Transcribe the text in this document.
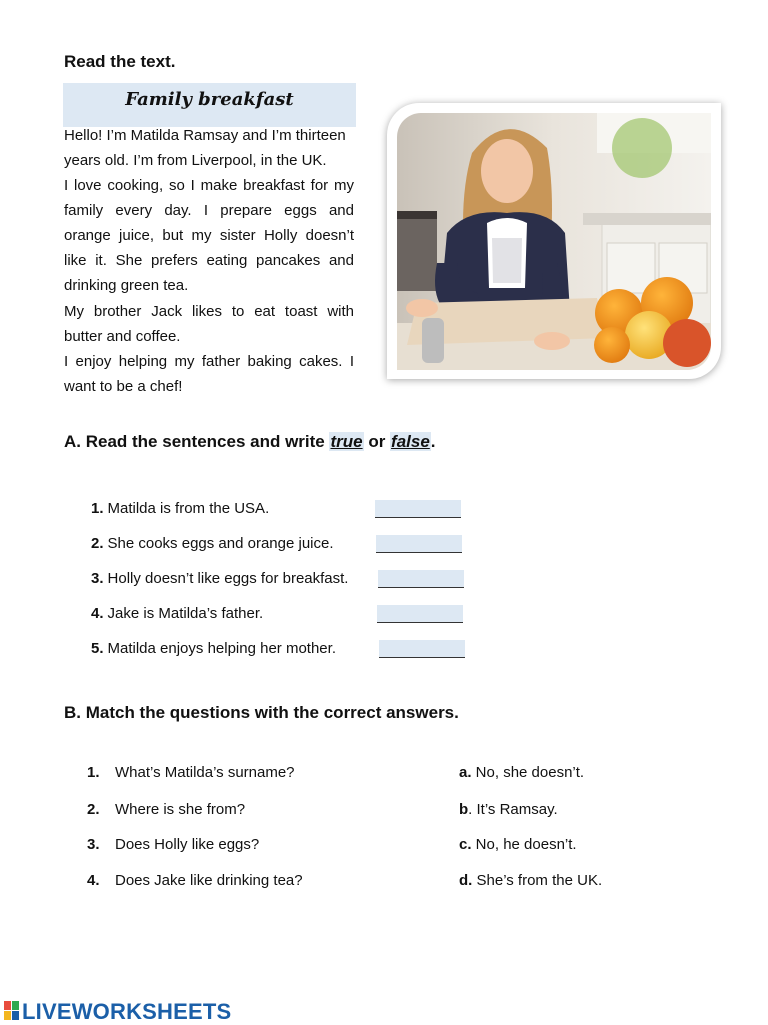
Read the text.
Family breakfast
Hello! I’m Matilda Ramsay and I’m thirteen
years old. I’m from Liverpool, in the UK.
I love cooking, so I make breakfast for my
family every day. I prepare eggs and
orange juice, but my sister Holly doesn’t
like it. She prefers eating pancakes and
drinking green tea.
My brother Jack likes to eat toast with
butter and coffee.
I enjoy helping my father baking cakes. I
want to be a chef!
A. Read the sentences and write true or false.
1. Matilda is from the USA.
2. She cooks eggs and orange juice.
3. Holly doesn’t like eggs for breakfast.
4. Jake is Matilda’s father.
5. Matilda enjoys helping her mother.
B. Match the questions with the correct answers.
1. What’s Matilda’s surname?
2. Where is she from?
3. Does Holly like eggs?
4. Does Jake like drinking tea?
a. No, she doesn’t.
b. It’s Ramsay.
c. No, he doesn’t.
d. She’s from the UK.
LIVEWORKSHEETS
